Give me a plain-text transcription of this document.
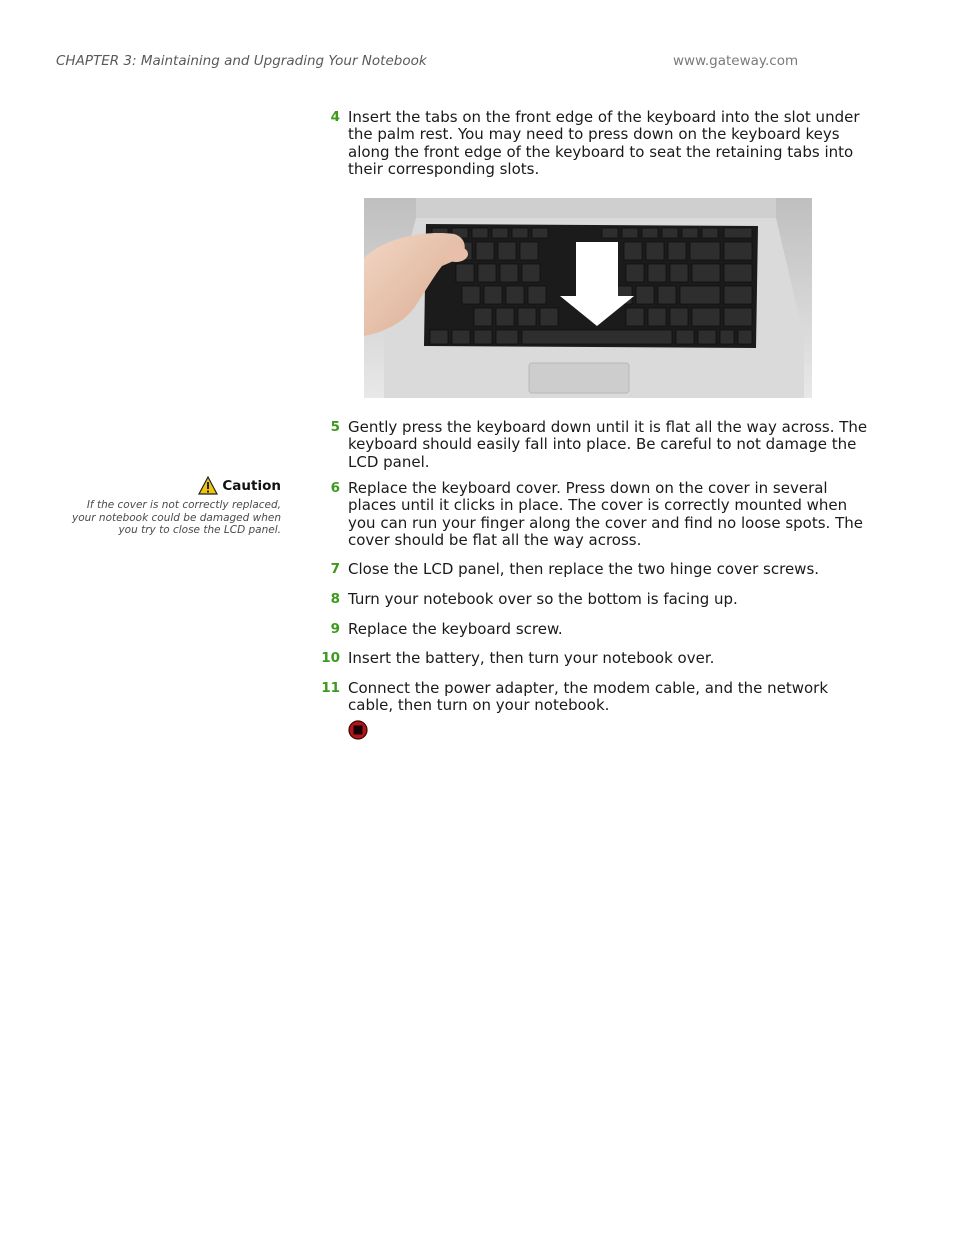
CHAPTER 3: Maintaining and Upgrading Your Notebook	www.gateway.com
4 Insert the tabs on the front edge of the keyboard into the slot under the palm rest. You may need to press down on the keyboard keys along the front edge of the keyboard to seat the retaining tabs into their corresponding slots.
5 Gently press the keyboard down until it is flat all the way across. The keyboard should easily fall into place. Be careful to not damage the LCD panel.
6 Replace the keyboard cover. Press down on the cover in several places until it clicks in place. The cover is correctly mounted when you can run your finger along the cover and find no loose spots. The cover should be flat all the way across.
7 Close the LCD panel, then replace the two hinge cover screws.
8 Turn your notebook over so the bottom is facing up.
9 Replace the keyboard screw.
10 Insert the battery, then turn your notebook over.
11 Connect the power adapter, the modem cable, and the network cable, then turn on your notebook.
Caution
If the cover is not correctly replaced, your notebook could be damaged when you try to close the LCD panel.
